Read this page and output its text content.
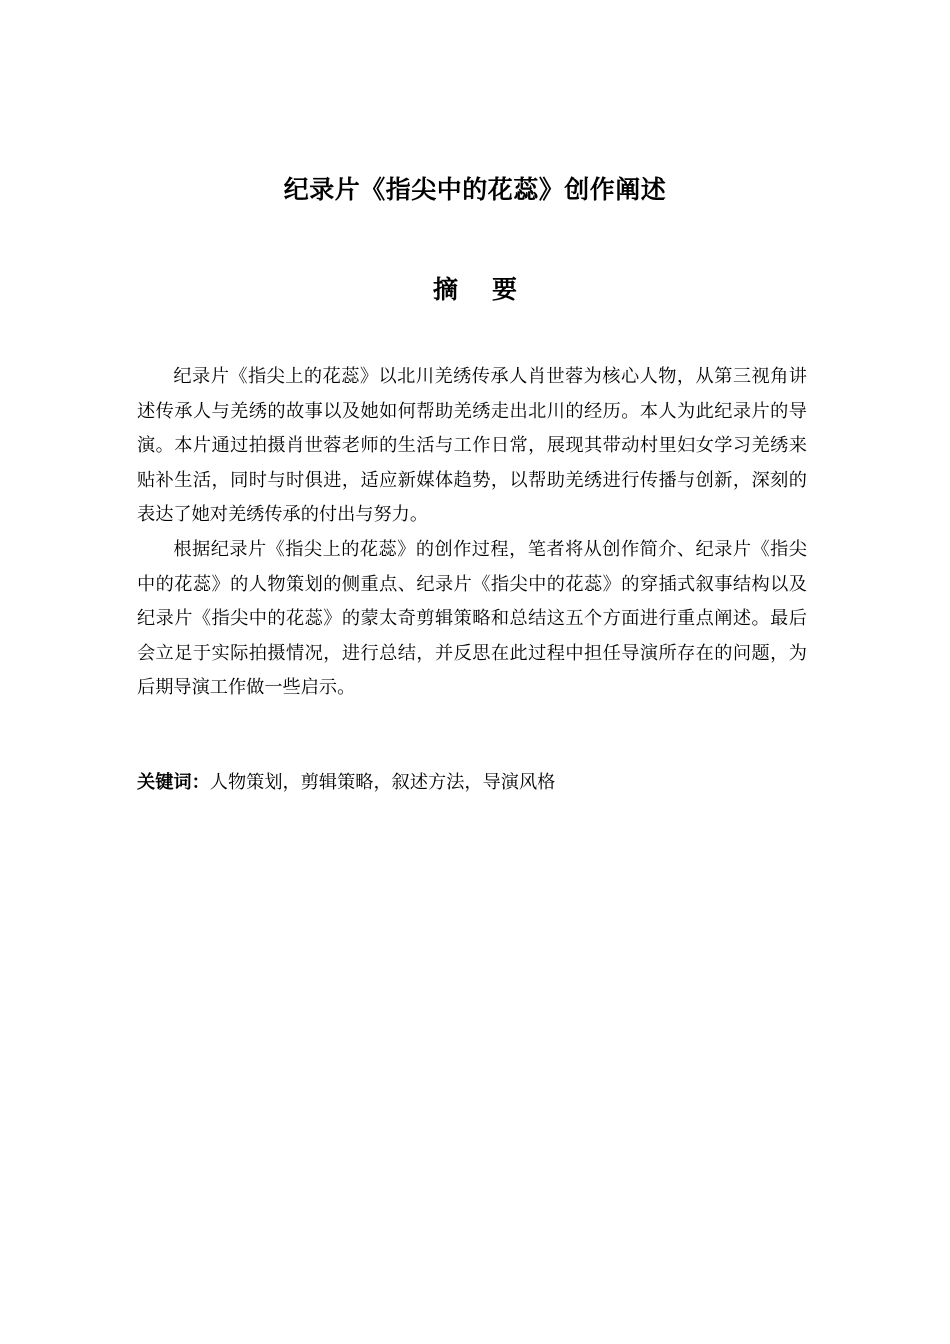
纪录片《指尖中的花蕊》创作阐述
摘要

纪录片《指尖上的花蕊》以北川羌绣传承人肖世蓉为核心人物，从第三视角讲述传承人与羌绣的故事以及她如何帮助羌绣走出北川的经历。本人为此纪录片的导演。本片通过拍摄肖世蓉老师的生活与工作日常，展现其带动村里妇女学习羌绣来贴补生活，同时与时俱进，适应新媒体趋势，以帮助羌绣进行传播与创新，深刻的表达了她对羌绣传承的付出与努力。

根据纪录片《指尖上的花蕊》的创作过程，笔者将从创作简介、纪录片《指尖中的花蕊》的人物策划的侧重点、纪录片《指尖中的花蕊》的穿插式叙事结构以及纪录片《指尖中的花蕊》的蒙太奇剪辑策略和总结这五个方面进行重点阐述。最后会立足于实际拍摄情况，进行总结，并反思在此过程中担任导演所存在的问题，为后期导演工作做一些启示。

关键词：人物策划，剪辑策略，叙述方法，导演风格
